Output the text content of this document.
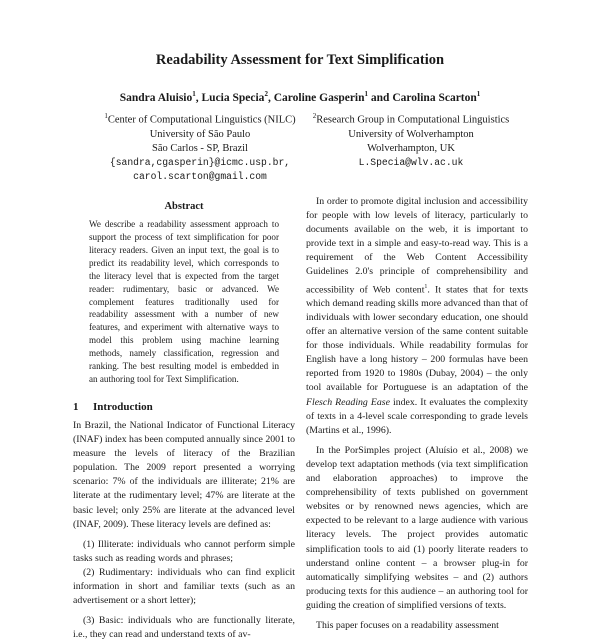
Readability Assessment for Text Simplification
Sandra Aluisio$^1$, Lucia Specia$^2$, Caroline Gasperin$^1$ and Carolina Scarton$^1$
$^1$Center of Computational Linguistics (NILC)
University of São Paulo
São Carlos - SP, Brazil
{sandra,cgasperin}@icmc.usp.br,
carol.scarton@gmail.com
$^2$Research Group in Computational Linguistics
University of Wolverhampton
Wolverhampton, UK
L.Specia@wlv.ac.uk
Abstract

We describe a readability assessment approach to support the process of text simplification for poor literacy readers. Given an input text, the goal is to predict its readability level, which corresponds to the literacy level that is expected from the target reader: rudimentary, basic or advanced. We complement features traditionally used for readability assessment with a number of new features, and experiment with alternative ways to model this problem using machine learning methods, namely classification, regression and ranking. The best resulting model is embedded in an authoring tool for Text Simplification.

1 Introduction

In Brazil, the National Indicator of Functional Literacy (INAF) index has been computed annually since 2001 to measure the levels of literacy of the Brazilian population. The 2009 report presented a worrying scenario: 7% of the individuals are illiterate; 21% are literate at the rudimentary level; 47% are literate at the basic level; only 25% are literate at the advanced level (INAF, 2009). These literacy levels are defined as:

(1) Illiterate: individuals who cannot perform simple tasks such as reading words and phrases;

(2) Rudimentary: individuals who can find explicit information in short and familiar texts (such as an advertisement or a short letter);

(3) Basic: individuals who are functionally literate, i.e., they can read and understand texts of av-

In order to promote digital inclusion and accessibility for people with low levels of literacy, particularly to documents available on the web, it is important to provide text in a simple and easy-to-read way. This is a requirement of the Web Content Accessibility Guidelines 2.0's principle of comprehensibility and accessibility of Web content$^1$. It states that for texts which demand reading skills more advanced than that of individuals with lower secondary education, one should offer an alternative version of the same content suitable for those individuals. While readability formulas for English have a long history – 200 formulas have been reported from 1920 to 1980s (Dubay, 2004) – the only tool available for Portuguese is an adaptation of the Flesch Reading Ease index. It evaluates the complexity of texts in a 4-level scale corresponding to grade levels (Martins et al., 1996).

In the PorSimples project (Aluísio et al., 2008) we develop text adaptation methods (via text simplification and elaboration approaches) to improve the comprehensibility of texts published on government websites or by renowned news agencies, which are expected to be relevant to a large audience with various literacy levels. The project provides automatic simplification tools to aid (1) poorly literate readers to understand online content – a browser plug-in for automatically simplifying websites – and (2) authors producing texts for this audience – an authoring tool for guiding the creation of simplified versions of texts.

This paper focuses on a readability assessment
